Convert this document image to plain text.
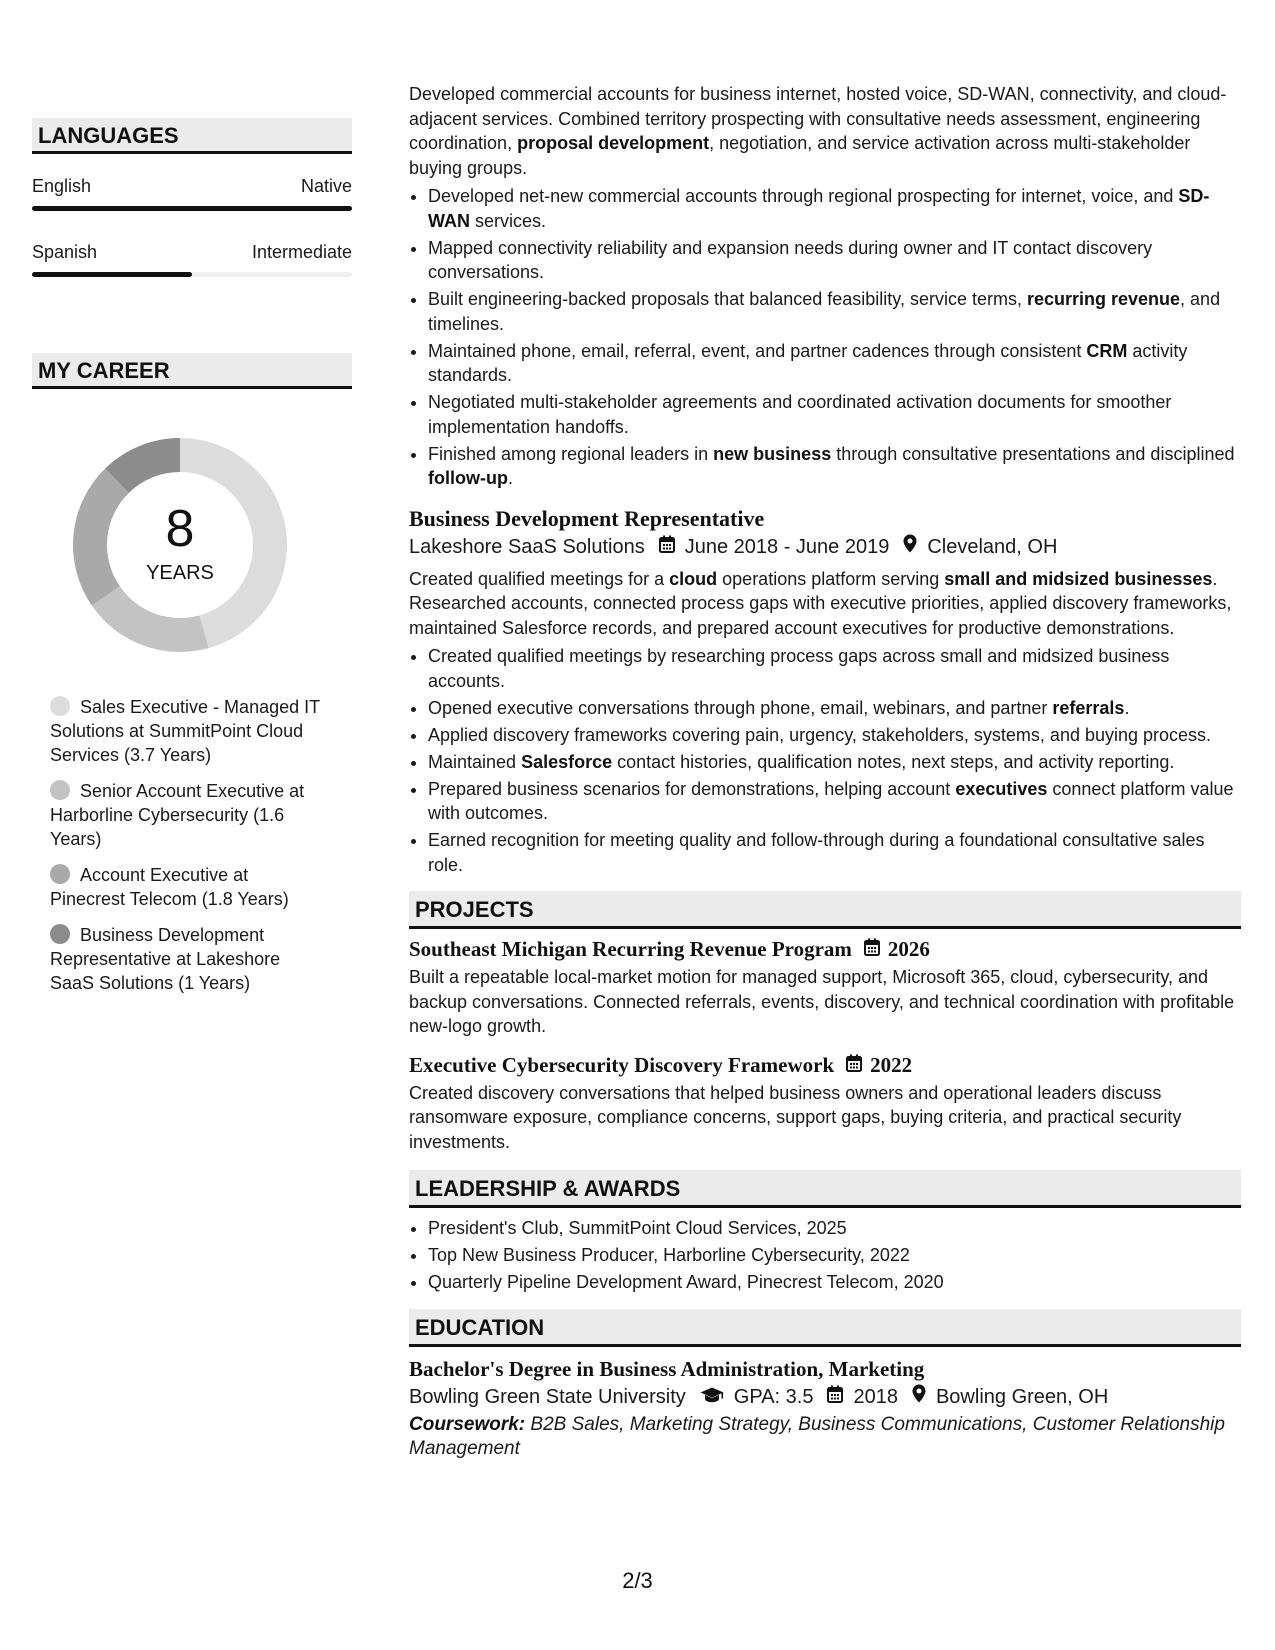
LANGUAGES
English	Native
Spanish	Intermediate
MY CAREER
8
YEARS
Sales Executive - Managed IT Solutions at SummitPoint Cloud Services (3.7 Years)
Senior Account Executive at Harborline Cybersecurity (1.6 Years)
Account Executive at Pinecrest Telecom (1.8 Years)
Business Development Representative at Lakeshore SaaS Solutions (1 Years)

Developed commercial accounts for business internet, hosted voice, SD-WAN, connectivity, and cloud-adjacent services. Combined territory prospecting with consultative needs assessment, engineering coordination, proposal development, negotiation, and service activation across multi-stakeholder buying groups.

• Developed net-new commercial accounts through regional prospecting for internet, voice, and SD-WAN services.
• Mapped connectivity reliability and expansion needs during owner and IT contact discovery conversations.
• Built engineering-backed proposals that balanced feasibility, service terms, recurring revenue, and timelines.
• Maintained phone, email, referral, event, and partner cadences through consistent CRM activity standards.
• Negotiated multi-stakeholder agreements and coordinated activation documents for smoother implementation handoffs.
• Finished among regional leaders in new business through consultative presentations and disciplined follow-up.
Business Development Representative
Lakeshore SaaS Solutions June 2018 - June 2019 Cleveland, OH

Created qualified meetings for a cloud operations platform serving small and midsized businesses. Researched accounts, connected process gaps with executive priorities, applied discovery frameworks, maintained Salesforce records, and prepared account executives for productive demonstrations.

• Created qualified meetings by researching process gaps across small and midsized business accounts.
• Opened executive conversations through phone, email, webinars, and partner referrals.
• Applied discovery frameworks covering pain, urgency, stakeholders, systems, and buying process.
• Maintained Salesforce contact histories, qualification notes, next steps, and activity reporting.
• Prepared business scenarios for demonstrations, helping account executives connect platform value with outcomes.
• Earned recognition for meeting quality and follow-through during a foundational consultative sales role.
PROJECTS
Southeast Michigan Recurring Revenue Program 2026

Built a repeatable local-market motion for managed support, Microsoft 365, cloud, cybersecurity, and backup conversations. Connected referrals, events, discovery, and technical coordination with profitable new-logo growth.

Executive Cybersecurity Discovery Framework 2022

Created discovery conversations that helped business owners and operational leaders discuss ransomware exposure, compliance concerns, support gaps, buying criteria, and practical security investments.

LEADERSHIP & AWARDS
• President's Club, SummitPoint Cloud Services, 2025
• Top New Business Producer, Harborline Cybersecurity, 2022
• Quarterly Pipeline Development Award, Pinecrest Telecom, 2020
EDUCATION
Bachelor's Degree in Business Administration, Marketing
Bowling Green State University GPA: 3.5 2018 Bowling Green, OH

Coursework: B2B Sales, Marketing Strategy, Business Communications, Customer Relationship Management

2/3
